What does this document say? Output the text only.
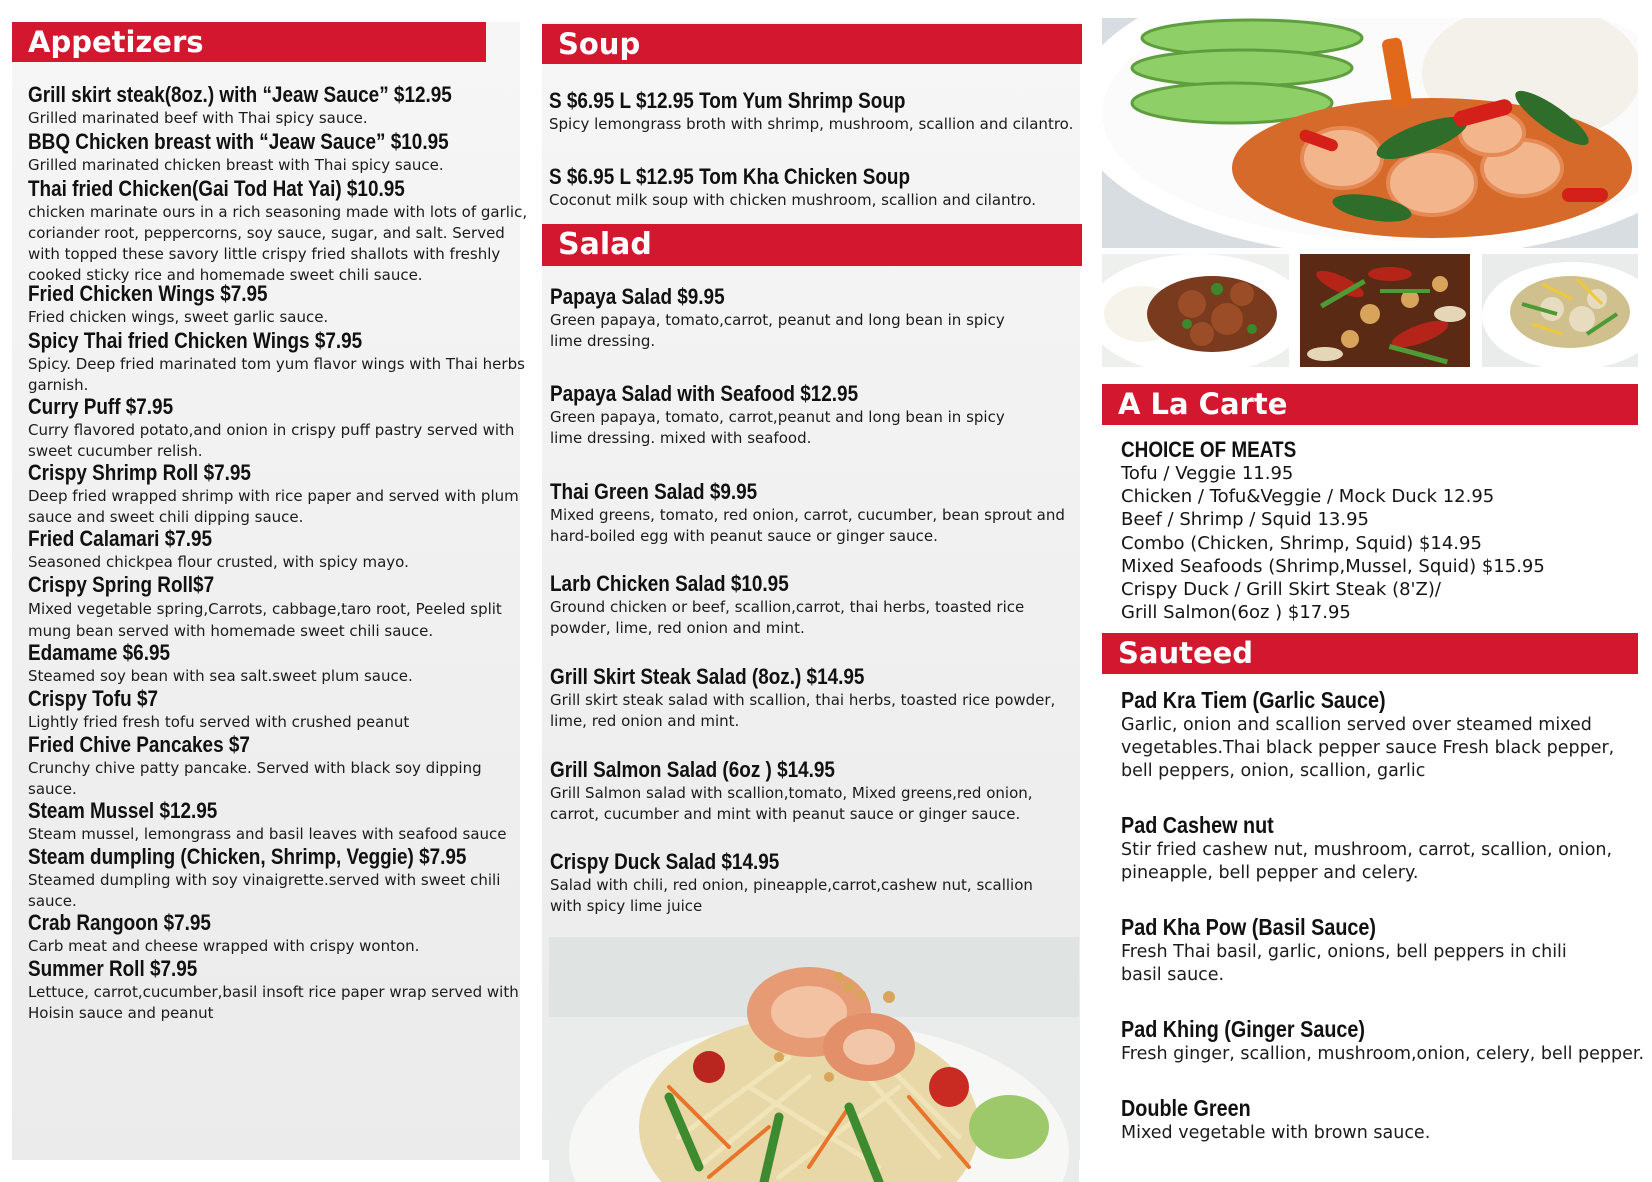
Appetizers
Grill skirt steak(8oz.) with “Jeaw Sauce” $12.95
Grilled marinated beef with Thai spicy sauce.
BBQ Chicken breast with “Jeaw Sauce” $10.95
Grilled marinated chicken breast with Thai spicy sauce.
Thai fried Chicken(Gai Tod Hat Yai) $10.95
chicken marinate ours in a rich seasoning made with lots of garlic, coriander root, peppercorns, soy sauce, sugar, and salt. Served with topped these savory little crispy fried shallots with freshly cooked sticky rice and homemade sweet chili sauce.
Fried Chicken Wings $7.95
Fried chicken wings, sweet garlic sauce.
Spicy Thai fried Chicken Wings $7.95
Spicy. Deep fried marinated tom yum flavor wings with Thai herbs garnish.
Curry Puff $7.95
Curry flavored potato,and onion in crispy puff pastry served with sweet cucumber relish.
Crispy Shrimp Roll $7.95
Deep fried wrapped shrimp with rice paper and served with plum sauce and sweet chili dipping sauce.
Fried Calamari $7.95
Seasoned chickpea flour crusted, with spicy mayo.
Crispy Spring Roll$7
Mixed vegetable spring,Carrots, cabbage,taro root, Peeled split mung bean served with homemade sweet chili sauce.
Edamame $6.95
Steamed soy bean with sea salt.sweet plum sauce.
Crispy Tofu $7
Lightly fried fresh tofu served with crushed peanut
Fried Chive Pancakes $7
Crunchy chive patty pancake. Served with black soy dipping sauce.
Steam Mussel $12.95
Steam mussel, lemongrass and basil leaves with seafood sauce
Steam dumpling (Chicken, Shrimp, Veggie) $7.95
Steamed dumpling with soy vinaigrette.served with sweet chili sauce.
Crab Rangoon $7.95
Carb meat and cheese wrapped with crispy wonton.
Summer Roll $7.95
Lettuce, carrot,cucumber,basil insoft rice paper wrap served with Hoisin sauce and peanut
Soup
S $6.95 L $12.95 Tom Yum Shrimp Soup
Spicy lemongrass broth with shrimp, mushroom, scallion and cilantro.
S $6.95 L $12.95 Tom Kha Chicken Soup
Coconut milk soup with chicken mushroom, scallion and cilantro.
Salad
Papaya Salad $9.95
Green papaya, tomato,carrot, peanut and long bean in spicy lime dressing.
Papaya Salad with Seafood $12.95
Green papaya, tomato, carrot,peanut and long bean in spicy lime dressing. mixed with seafood.
Thai Green Salad $9.95
Mixed greens, tomato, red onion, carrot, cucumber, bean sprout and hard-boiled egg with peanut sauce or ginger sauce.
Larb Chicken Salad $10.95
Ground chicken or beef, scallion,carrot, thai herbs, toasted rice powder, lime, red onion and mint.
Grill Skirt Steak Salad (8oz.) $14.95
Grill skirt steak salad with scallion, thai herbs, toasted rice powder, lime, red onion and mint.
Grill Salmon Salad (6oz ) $14.95
Grill Salmon salad with scallion,tomato, Mixed greens,red onion, carrot, cucumber and mint with peanut sauce or ginger sauce.
Crispy Duck Salad $14.95
Salad with chili, red onion, pineapple,carrot,cashew nut, scallion with spicy lime juice
A La Carte
CHOICE OF MEATS
Tofu / Veggie 11.95
Chicken / Tofu&Veggie / Mock Duck 12.95
Beef / Shrimp / Squid 13.95
Combo (Chicken, Shrimp, Squid) $14.95
Mixed Seafoods (Shrimp,Mussel, Squid) $15.95
Crispy Duck / Grill Skirt Steak (8'Z)/
Grill Salmon(6oz ) $17.95
Sauteed
Pad Kra Tiem (Garlic Sauce)
Garlic, onion and scallion served over steamed mixed vegetables.Thai black pepper sauce Fresh black pepper, bell peppers, onion, scallion, garlic
Pad Cashew nut
Stir fried cashew nut, mushroom, carrot, scallion, onion, pineapple, bell pepper and celery.
Pad Kha Pow (Basil Sauce)
Fresh Thai basil, garlic, onions, bell peppers in chili basil sauce.
Pad Khing (Ginger Sauce)
Fresh ginger, scallion, mushroom,onion, celery, bell pepper.
Double Green
Mixed vegetable with brown sauce.
